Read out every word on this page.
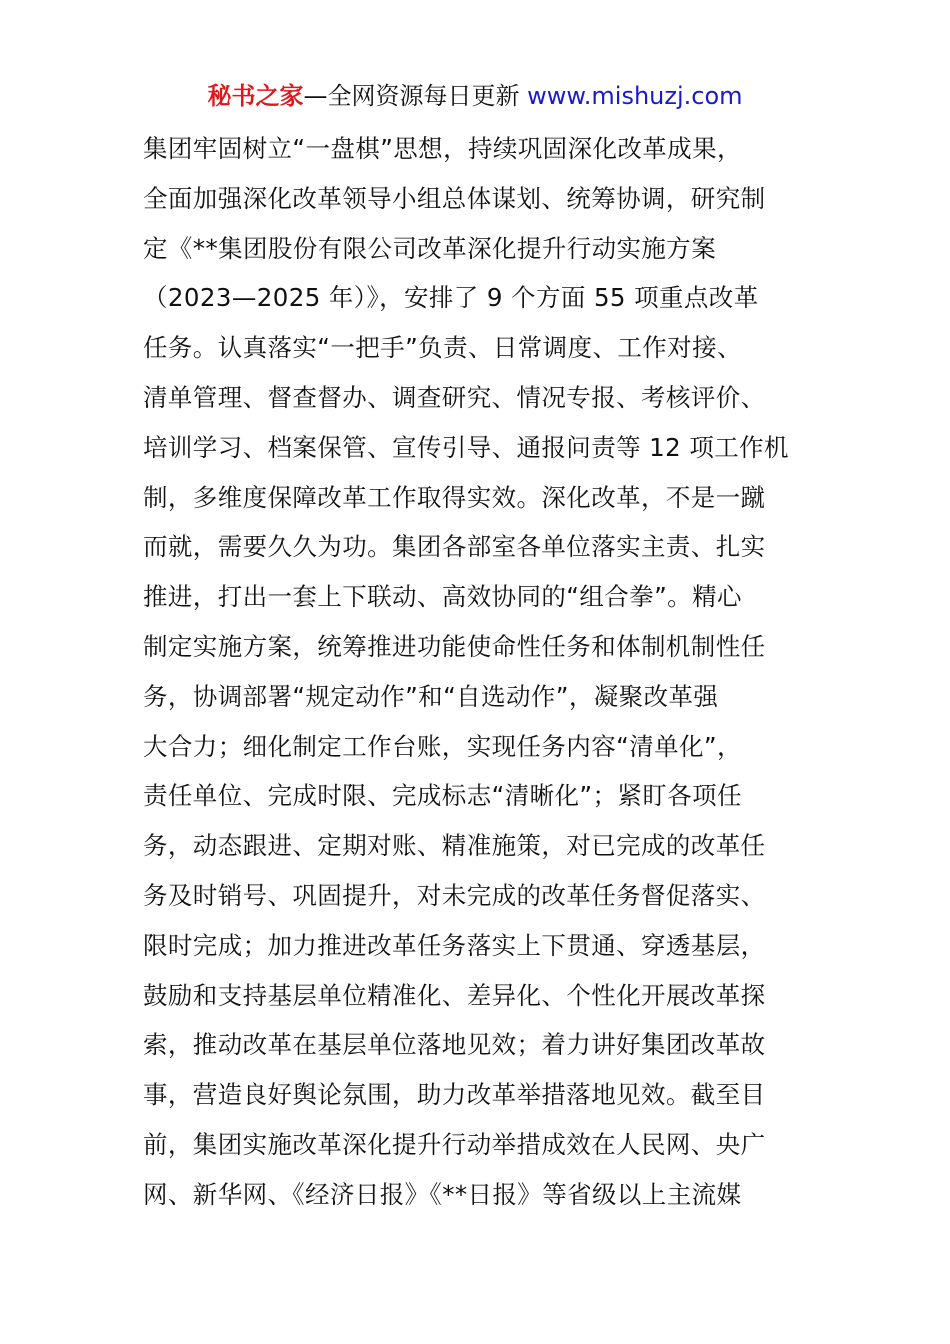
秘书之家—全网资源每日更新 www.mishuzj.com
集团牢固树立“一盘棋”思想，持续巩固深化改革成果，
全面加强深化改革领导小组总体谋划、统筹协调，研究制
定《**集团股份有限公司改革深化提升行动实施方案
（2023—2025 年）》，安排了 9 个方面 55 项重点改革
任务。认真落实“一把手”负责、日常调度、工作对接、
清单管理、督查督办、调查研究、情况专报、考核评价、
培训学习、档案保管、宣传引导、通报问责等 12 项工作机
制，多维度保障改革工作取得实效。深化改革，不是一蹴
而就，需要久久为功。集团各部室各单位落实主责、扎实
推进，打出一套上下联动、高效协同的“组合拳”。精心
制定实施方案，统筹推进功能使命性任务和体制机制性任
务，协调部署“规定动作”和“自选动作”，凝聚改革强
大合力；细化制定工作台账，实现任务内容“清单化”，
责任单位、完成时限、完成标志“清晰化”；紧盯各项任
务，动态跟进、定期对账、精准施策，对已完成的改革任
务及时销号、巩固提升，对未完成的改革任务督促落实、
限时完成；加力推进改革任务落实上下贯通、穿透基层，
鼓励和支持基层单位精准化、差异化、个性化开展改革探
索，推动改革在基层单位落地见效；着力讲好集团改革故
事，营造良好舆论氛围，助力改革举措落地见效。截至目
前，集团实施改革深化提升行动举措成效在人民网、央广
网、新华网、《经济日报》《**日报》等省级以上主流媒
